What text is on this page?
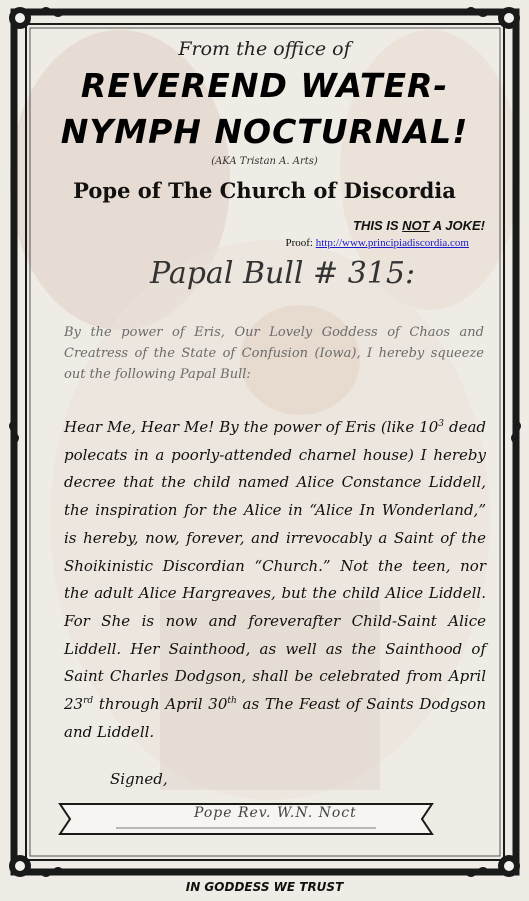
From the office of
REVEREND WATER-
NYMPH NOCTURNAL!
(AKA Tristan A. Arts)
Pope of The Church of Discordia
THIS IS NOT A JOKE!
Proof: http://www.principiadiscordia.com
Papal Bull # 315:
By the power of Eris, Our Lovely Goddess of Chaos and Creatress of the State of Confusion (Iowa), I hereby squeeze out the following Papal Bull:
Hear Me, Hear Me! By the power of Eris (like $10^3$ dead polecats in a poorly-attended charnel house) I hereby decree that the child named Alice Constance Liddell, the inspiration for the Alice in “Alice In Wonderland,” is hereby, now, forever, and irrevocably a Saint of the Shoikinistic Discordian “Church.” Not the teen, nor the adult Alice Hargreaves, but the child Alice Liddell. For She is now and foreverafter Child-Saint Alice Liddell. Her Sainthood, as well as the Sainthood of Saint Charles Dodgson, shall be celebrated from April 23rd through April 30th as The Feast of Saints Dodgson and Liddell.
Signed,
Pope Rev. W.N. Noct
IN GODDESS WE TRUST
